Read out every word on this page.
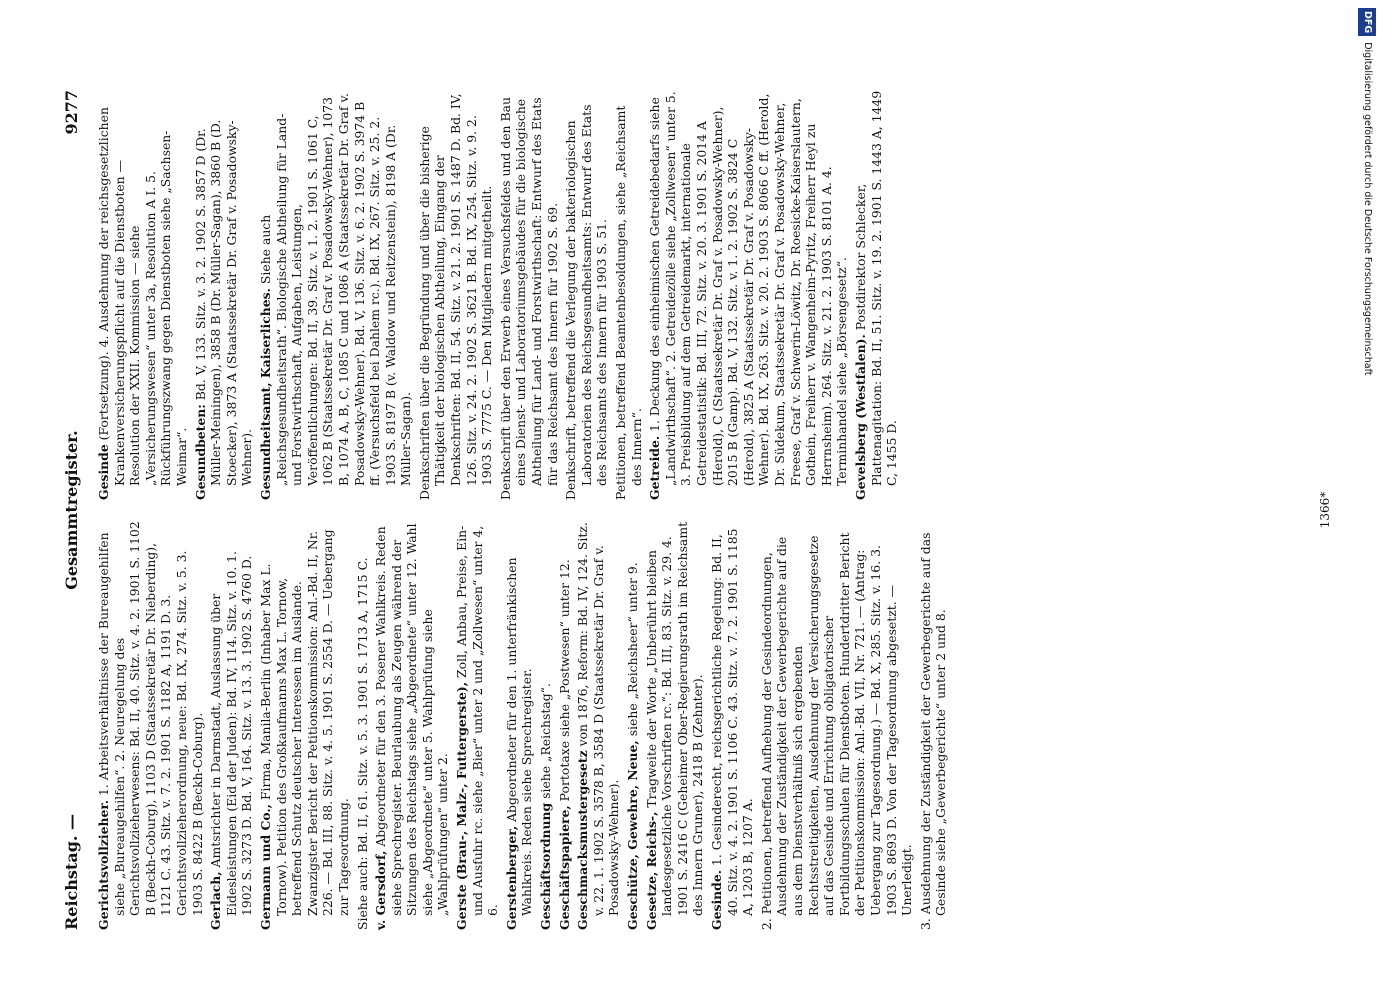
Reichstag. —
Gesammtregister.
9277

Gerichtsvollzieher. 1. Arbeitsverhältnisse der Bureaugehilfen siehe „Bureaugehilfen“. 2. Neuregelung des Gerichtsvollzieherwesens: Bd. II, 40. Sitz. v. 4. 2. 1901 S. 1102 B (Beckh-Coburg), 1103 D (Staatssekretär Dr. Nieberding), 1121 C. 43. Sitz. v. 7. 2. 1901 S. 1182 A, 1191 D. 3. Gerichtsvollzieherordnung, neue: Bd. IX, 274. Sitz. v. 5. 3. 1903 S. 8422 B (Beckh-Coburg). Gerlach, Amtsrichter in Darmstadt, Auslassung über Eidesleistungen (Eid der Juden): Bd. IV, 114. Sitz. v. 10. 1. 1902 S. 3273 D. Bd. V, 164. Sitz. v. 13. 3. 1902 S. 4760 D. Germann und Co., Firma, Manila-Berlin (Inhaber Max L. Tornow). Petition des Großkaufmanns Max L. Tornow, betreffend Schutz deutscher Interessen im Auslande. Zwanzigster Bericht der Petitionskommission: Anl.-Bd. II, Nr. 226. — Bd. III, 88. Sitz. v. 4. 5. 1901 S. 2554 D. — Uebergang zur Tagesordnung. Siehe auch: Bd. II, 61. Sitz. v. 5. 3. 1901 S. 1713 A, 1715 C. v. Gersdorf, Abgeordneter für den 3. Posener Wahlkreis. Reden siehe Sprechregister. Beurlaubung als Zeugen während der Sitzungen des Reichstags siehe „Abgeordnete“ unter 12. Wahl siehe „Abgeordnete“ unter 5. Wahlprüfung siehe „Wahlprüfungen“ unter 2. Gerste (Brau-, Malz-, Futtergerste), Zoll, Anbau, Preise, Ein- und Ausfuhr rc. siehe „Bier“ unter 2 und „Zollwesen“ unter 4, 6. Gerstenberger, Abgeordneter für den 1. unterfränkischen Wahlkreis. Reden siehe Sprechregister. Geschäftsordnung siehe „Reichstag“.

Geschäftspapiere, Portotaxe siehe „Postwesen“ unter 12.

Geschmacksmustergesetz von 1876, Reform: Bd. IV, 124. Sitz. v. 22. 1. 1902 S. 3578 B, 3584 D (Staatssekretär Dr. Graf v. Posadowsky-Wehner). Geschütze, Gewehre, Neue, siehe „Reichsheer“ unter 9.

Gesetze, Reichs-, Tragweite der Worte „Unberührt bleiben landesgesetzliche Vorschriften rc.“: Bd. III, 83. Sitz. v. 29. 4. 1901 S. 2416 C (Geheimer Ober-Regierungsrath im Reichsamt des Innern Gruner), 2418 B (Zehnter). Gesinde. 1. Gesinderecht, reichsgerichtliche Regelung: Bd. II, 40. Sitz. v. 4. 2. 1901 S. 1106 C. 43. Sitz. v. 7. 2. 1901 S. 1185 A, 1203 B, 1207 A. 2. Petitionen, betreffend Aufhebung der Gesindeordnungen, Ausdehnung der Zuständigkeit der Gewerbegerichte auf die aus dem Dienstverhältniß sich ergebenden Rechtsstreitigkeiten, Ausdehnung der Versicherungsgesetze auf das Gesinde und Errichtung obligatorischer Fortbildungsschulen für Dienstboten. Hundertdritter Bericht der Petitionskommission: Anl.-Bd. VII, Nr. 721. — (Antrag: Uebergang zur Tagesordnung.) — Bd. X, 285. Sitz. v. 16. 3. 1903 S. 8693 D. Von der Tagesordnung abgesetzt. — Unerledigt. 3. Ausdehnung der Zuständigkeit der Gewerbegerichte auf das Gesinde siehe „Gewerbegerichte“ unter 2 und 8.

Gesinde (Fortsetzung). 4. Ausdehnung der reichsgesetzlichen Krankenversicherungspflicht auf die Dienstboten — Resolution der XXII. Kommission — siehe „Versicherungswesen“ unter 3a, Resolution A I. 5. Rückführungszwang gegen Dienstboten siehe „Sachsen-Weimar“. Gesundbeten: Bd. V, 133. Sitz. v. 3. 2. 1902 S. 3857 D (Dr. Müller-Meiningen), 3858 B (Dr. Müller-Sagan), 3860 B (D. Stoecker), 3873 A (Staatssekretär Dr. Graf v. Posadowsky-Wehner). Gesundheitsamt, Kaiserliches. Siehe auch „Reichsgesundheitsrath“. Biologische Abtheilung für Land- und Forstwirthschaft, Aufgaben, Leistungen, Veröffentlichungen: Bd. II, 39. Sitz. v. 1. 2. 1901 S. 1061 C, 1062 B (Staatssekretär Dr. Graf v. Posadowsky-Wehner), 1073 B, 1074 A, B, C, 1085 C und 1086 A (Staatssekretär Dr. Graf v. Posadowsky-Wehner). Bd. V, 136. Sitz. v. 6. 2. 1902 S. 3974 B ff. (Versuchsfeld bei Dahlem rc.). Bd. IX, 267. Sitz. v. 25. 2. 1903 S. 8197 B (v. Waldow und Reitzenstein), 8198 A (Dr. Müller-Sagan). Denkschriften über die Begründung und über die bisherige Thätigkeit der biologischen Abtheilung, Eingang der Denkschriften: Bd. II, 54. Sitz. v. 21. 2. 1901 S. 1487 D. Bd. IV, 126. Sitz. v. 24. 2. 1902 S. 3621 B. Bd. IX, 254. Sitz. v. 9. 2. 1903 S. 7775 C. — Den Mitgliedern mitgetheilt. Denkschrift über den Erwerb eines Versuchsfeldes und den Bau eines Dienst- und Laboratoriumsgebäudes für die biologische Abtheilung für Land- und Forstwirthschaft: Entwurf des Etats für das Reichsamt des Innern für 1902 S. 69. Denkschrift, betreffend die Verlegung der bakteriologischen Laboratorien des Reichsgesundheitsamts: Entwurf des Etats des Reichsamts des Innern für 1903 S. 51. Petitionen, betreffend Beamtenbesoldungen, siehe „Reichsamt des Innern“. Getreide. 1. Deckung des einheimischen Getreidebedarfs siehe „Landwirthschaft“. 2. Getreidezölle siehe „Zollwesen“ unter 5. 3. Preisbildung auf dem Getreidemarkt, internationale Getreidestatistik: Bd. III, 72. Sitz. v. 20. 3. 1901 S. 2014 A (Herold), C (Staatssekretär Dr. Graf v. Posadowsky-Wehner), 2015 B (Gamp). Bd. V, 132. Sitz. v. 1. 2. 1902 S. 3824 C (Herold), 3825 A (Staatssekretär Dr. Graf v. Posadowsky-Wehner). Bd. IX, 263. Sitz. v. 20. 2. 1903 S. 8066 C ff. (Herold, Dr. Südekum, Staatssekretär Dr. Graf v. Posadowsky-Wehner, Freese, Graf v. Schwerin-Löwitz, Dr. Roesicke-Kaiserslautern, Gothein, Freiherr v. Wangenheim-Pyritz, Freiherr Heyl zu Herrnsheim). 264. Sitz. v. 21. 2. 1903 S. 8101 A. 4. Terminhandel siehe „Börsengesetz“. Gevelsberg (Westfalen). Postdirektor Schlecker, Plattenagitation: Bd. II, 51. Sitz. v. 19. 2. 1901 S. 1443 A, 1449 C, 1455 D.

1366*
DFGDigitalisierung gefördert durch die Deutsche Forschungsgemeinschaft
